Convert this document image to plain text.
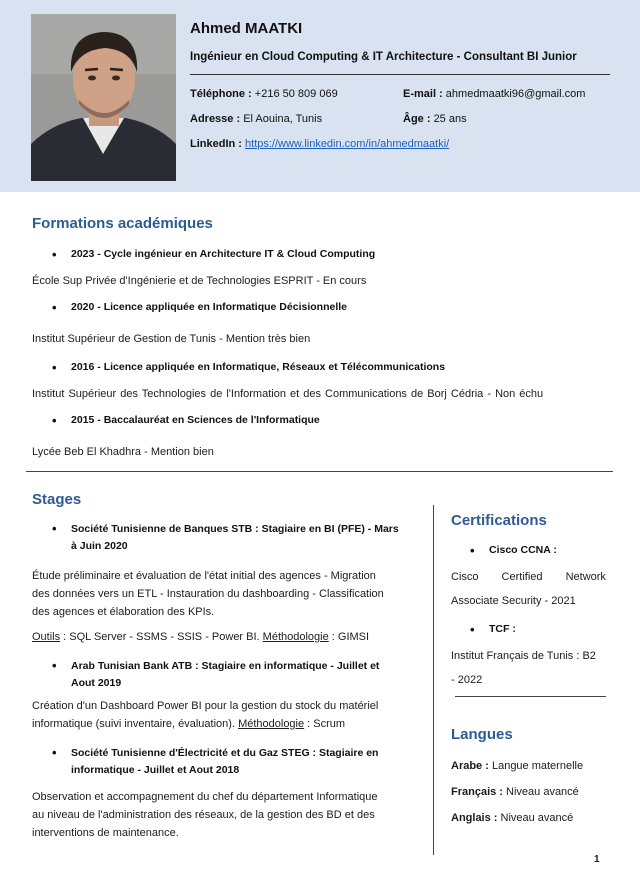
Ahmed MAATKI
Ingénieur en Cloud Computing & IT Architecture - Consultant BI Junior
Téléphone : +216 50 809 069	E-mail : ahmedmaatki96@gmail.com
Adresse : El Aouina, Tunis	Âge : 25 ans
LinkedIn : https://www.linkedin.com/in/ahmedmaatki/
Formations académiques
• 2023 - Cycle ingénieur en Architecture IT & Cloud Computing
École Sup Privée d'Ingénierie et de Technologies ESPRIT - En cours
• 2020 - Licence appliquée en Informatique Décisionnelle
Institut Supérieur de Gestion de Tunis - Mention très bien
• 2016 - Licence appliquée en Informatique, Réseaux et Télécommunications
Institut Supérieur des Technologies de l'Information et des Communications de Borj Cédria - Non échu
• 2015 - Baccalauréat en Sciences de l'Informatique
Lycée Beb El Khadhra - Mention bien
Stages
• Société Tunisienne de Banques STB : Stagiaire en BI (PFE) - Mars
à Juin 2020
Étude préliminaire et évaluation de l'état initial des agences - Migration
des données vers un ETL - Instauration du dashboarding - Classification
des agences et élaboration des KPIs.
Outils : SQL Server - SSMS - SSIS - Power BI. Méthodologie : GIMSI
• Arab Tunisian Bank ATB : Stagiaire en informatique - Juillet et
Aout 2019
Création d'un Dashboard Power BI pour la gestion du stock du matériel
informatique (suivi inventaire, évaluation). Méthodologie : Scrum
• Société Tunisienne d'Électricité et du Gaz STEG : Stagiaire en
informatique - Juillet et Aout 2018
Observation et accompagnement du chef du département Informatique
au niveau de l'administration des réseaux, de la gestion des BD et des
interventions de maintenance.
Certifications
• Cisco CCNA :
Cisco Certified Network
Associate Security - 2021
• TCF :
Institut Français de Tunis : B2
- 2022
Langues
Arabe : Langue maternelle
Français : Niveau avancé
Anglais : Niveau avancé
1
